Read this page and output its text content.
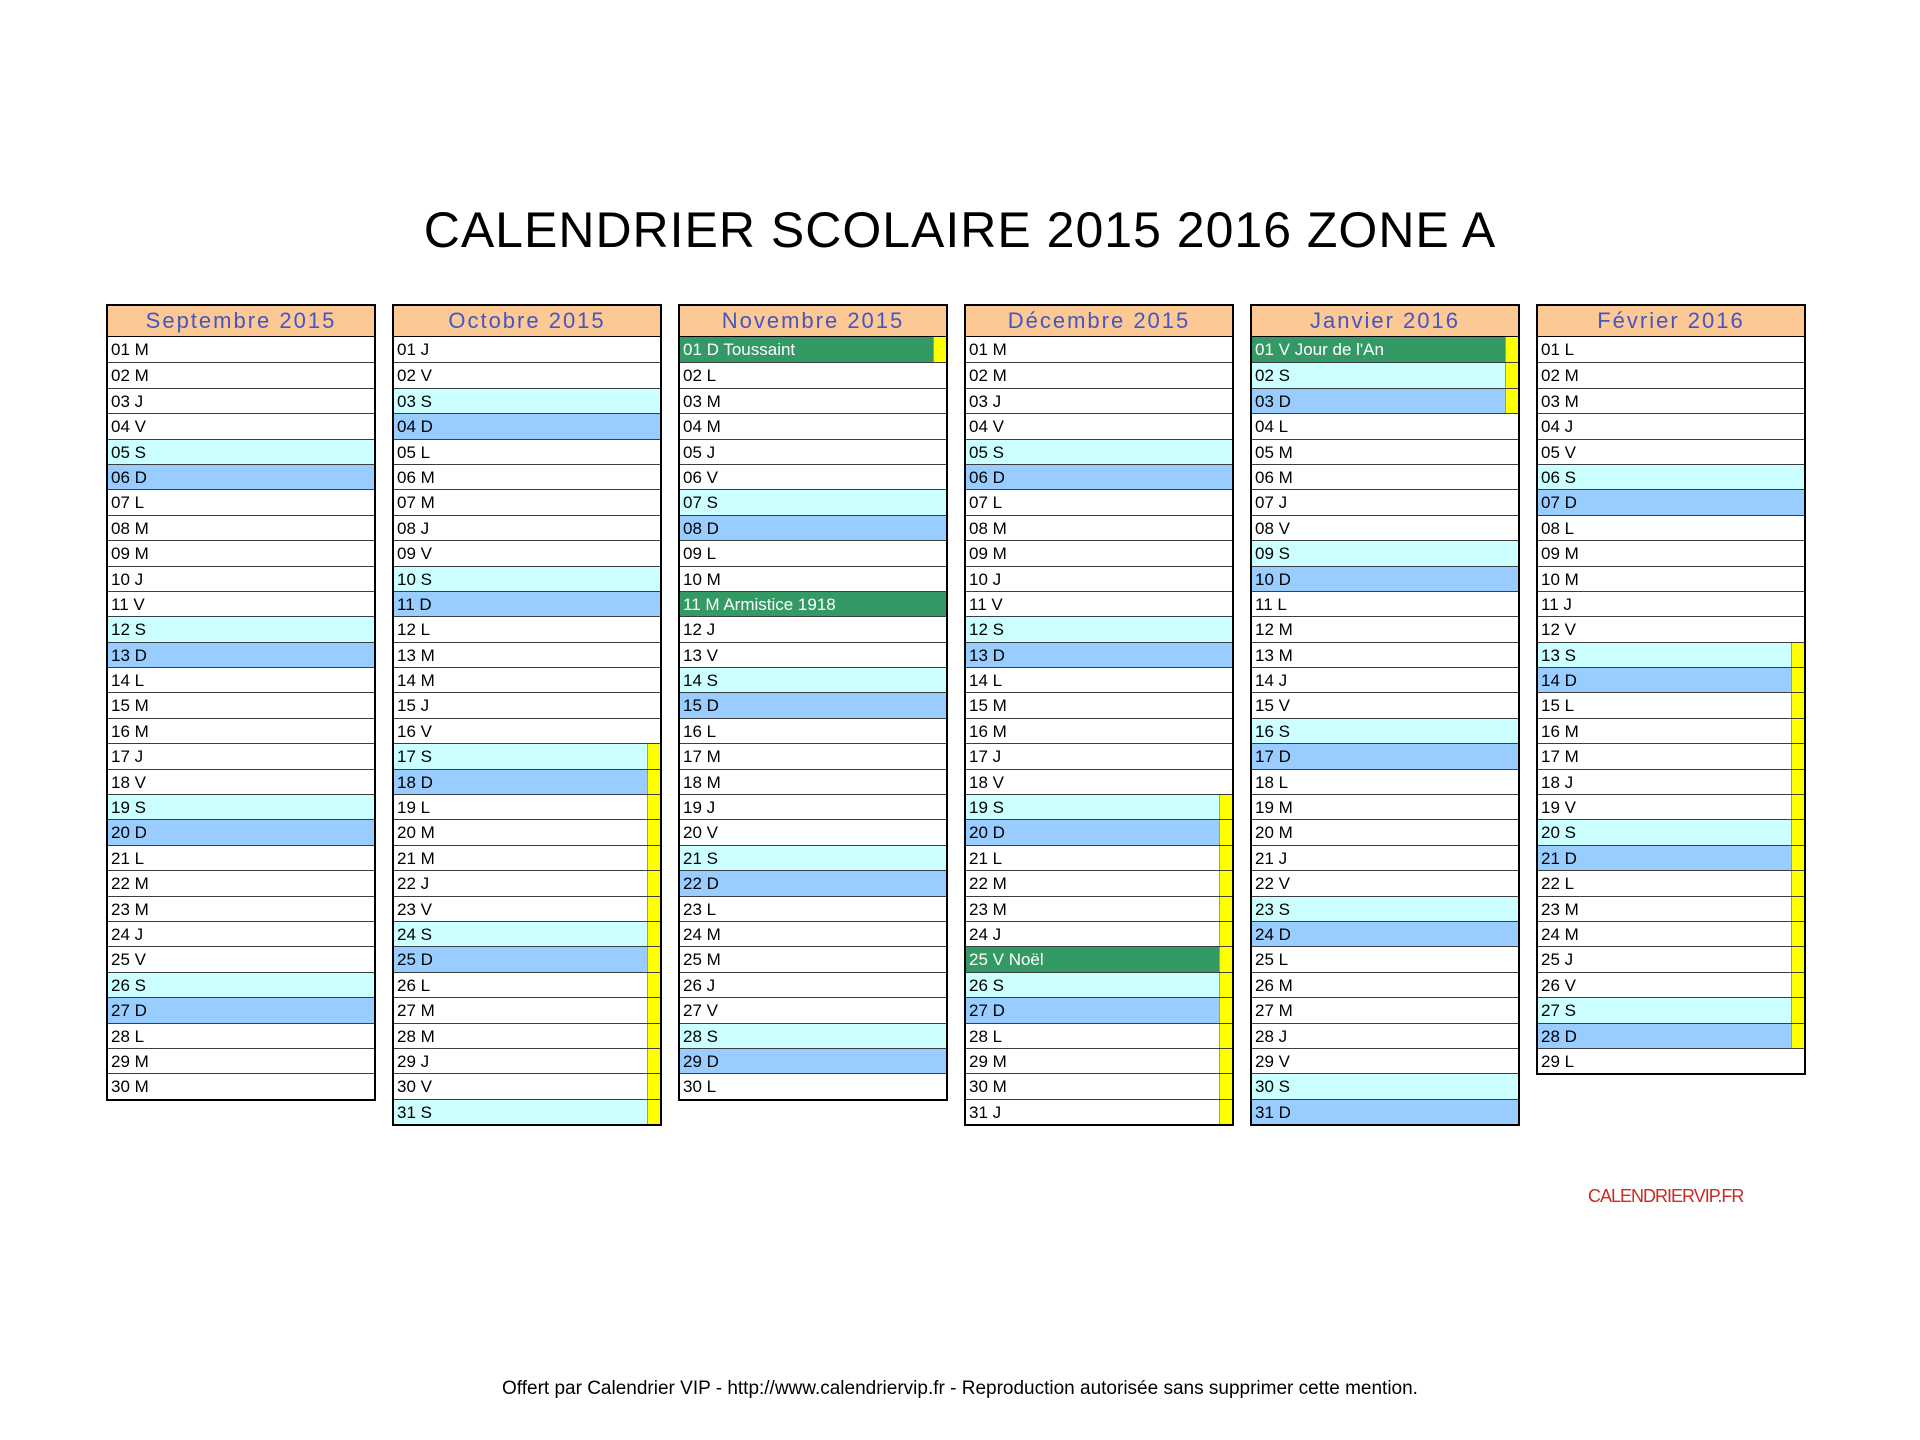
CALENDRIER SCOLAIRE 2015 2016 ZONE A
Septembre 2015
01 M
02 M
03 J
04 V
05 S
06 D
07 L
08 M
09 M
10 J
11 V
12 S
13 D
14 L
15 M
16 M
17 J
18 V
19 S
20 D
21 L
22 M
23 M
24 J
25 V
26 S
27 D
28 L
29 M
30 M
Octobre 2015
01 J
02 V
03 S
04 D
05 L
06 M
07 M
08 J
09 V
10 S
11 D
12 L
13 M
14 M
15 J
16 V
17 S
18 D
19 L
20 M
21 M
22 J
23 V
24 S
25 D
26 L
27 M
28 M
29 J
30 V
31 S
Novembre 2015
01 D Toussaint
02 L
03 M
04 M
05 J
06 V
07 S
08 D
09 L
10 M
11 M Armistice 1918
12 J
13 V
14 S
15 D
16 L
17 M
18 M
19 J
20 V
21 S
22 D
23 L
24 M
25 M
26 J
27 V
28 S
29 D
30 L
Décembre 2015
01 M
02 M
03 J
04 V
05 S
06 D
07 L
08 M
09 M
10 J
11 V
12 S
13 D
14 L
15 M
16 M
17 J
18 V
19 S
20 D
21 L
22 M
23 M
24 J
25 V Noël
26 S
27 D
28 L
29 M
30 M
31 J
Janvier 2016
01 V Jour de l'An
02 S
03 D
04 L
05 M
06 M
07 J
08 V
09 S
10 D
11 L
12 M
13 M
14 J
15 V
16 S
17 D
18 L
19 M
20 M
21 J
22 V
23 S
24 D
25 L
26 M
27 M
28 J
29 V
30 S
31 D
Février 2016
01 L
02 M
03 M
04 J
05 V
06 S
07 D
08 L
09 M
10 M
11 J
12 V
13 S
14 D
15 L
16 M
17 M
18 J
19 V
20 S
21 D
22 L
23 M
24 M
25 J
26 V
27 S
28 D
29 L
CALENDRIERVIP.FR
Offert par Calendrier VIP - http://www.calendriervip.fr - Reproduction autorisée sans supprimer cette mention.
